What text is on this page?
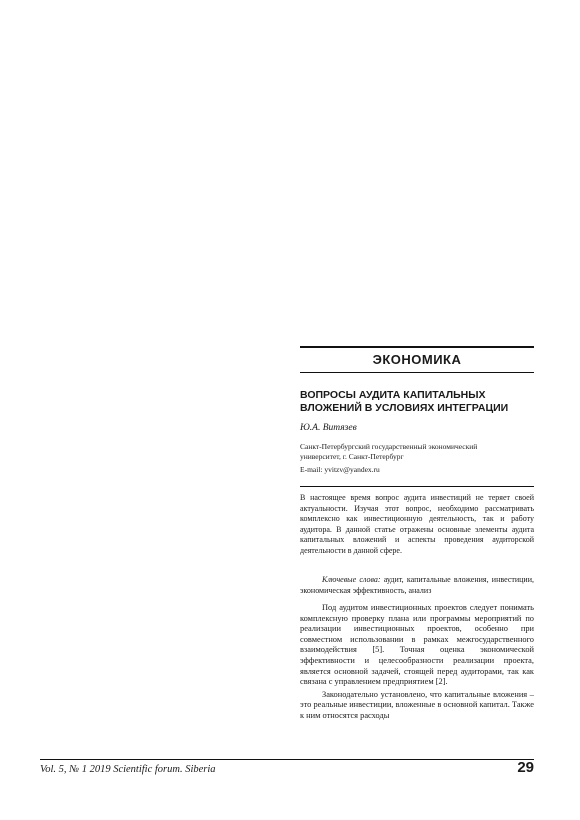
ЭКОНОМИКА
ВОПРОСЫ АУДИТА КАПИТАЛЬНЫХ
ВЛОЖЕНИЙ В УСЛОВИЯХ ИНТЕГРАЦИИ
Ю.А. Витязев
Санкт-Петербургский государственный экономический
университет, г. Санкт-Петербург
E-mail: yvitzv@yandex.ru
В настоящее время вопрос аудита инвестиций не теряет своей актуальности. Изучая этот вопрос, необходимо рассматривать комплексно как инвестиционную деятельность, так и работу аудитора. В данной статье отражены основные элементы аудита капитальных вложений и аспекты проведения аудиторской деятельности в данной сфере.
Ключевые слова: аудит, капитальные вложения, инвестиции, экономическая эффективность, анализ

Под аудитом инвестиционных проектов следует понимать комплексную проверку плана или программы мероприятий по реализации инвестиционных проектов, особенно при совместном использовании в рамках межгосударственного взаимодействия [5]. Точная оценка экономической эффективности и целесообразности реализации проекта, является основной задачей, стоящей перед аудиторами, так как связана с управлением предприятием [2].

Законодательно установлено, что капитальные вложения – это реальные инвестиции, вложенные в основной капитал. Также к ним относятся расходы

Vol. 5, № 1 2019 Scientific forum. Siberia	29
